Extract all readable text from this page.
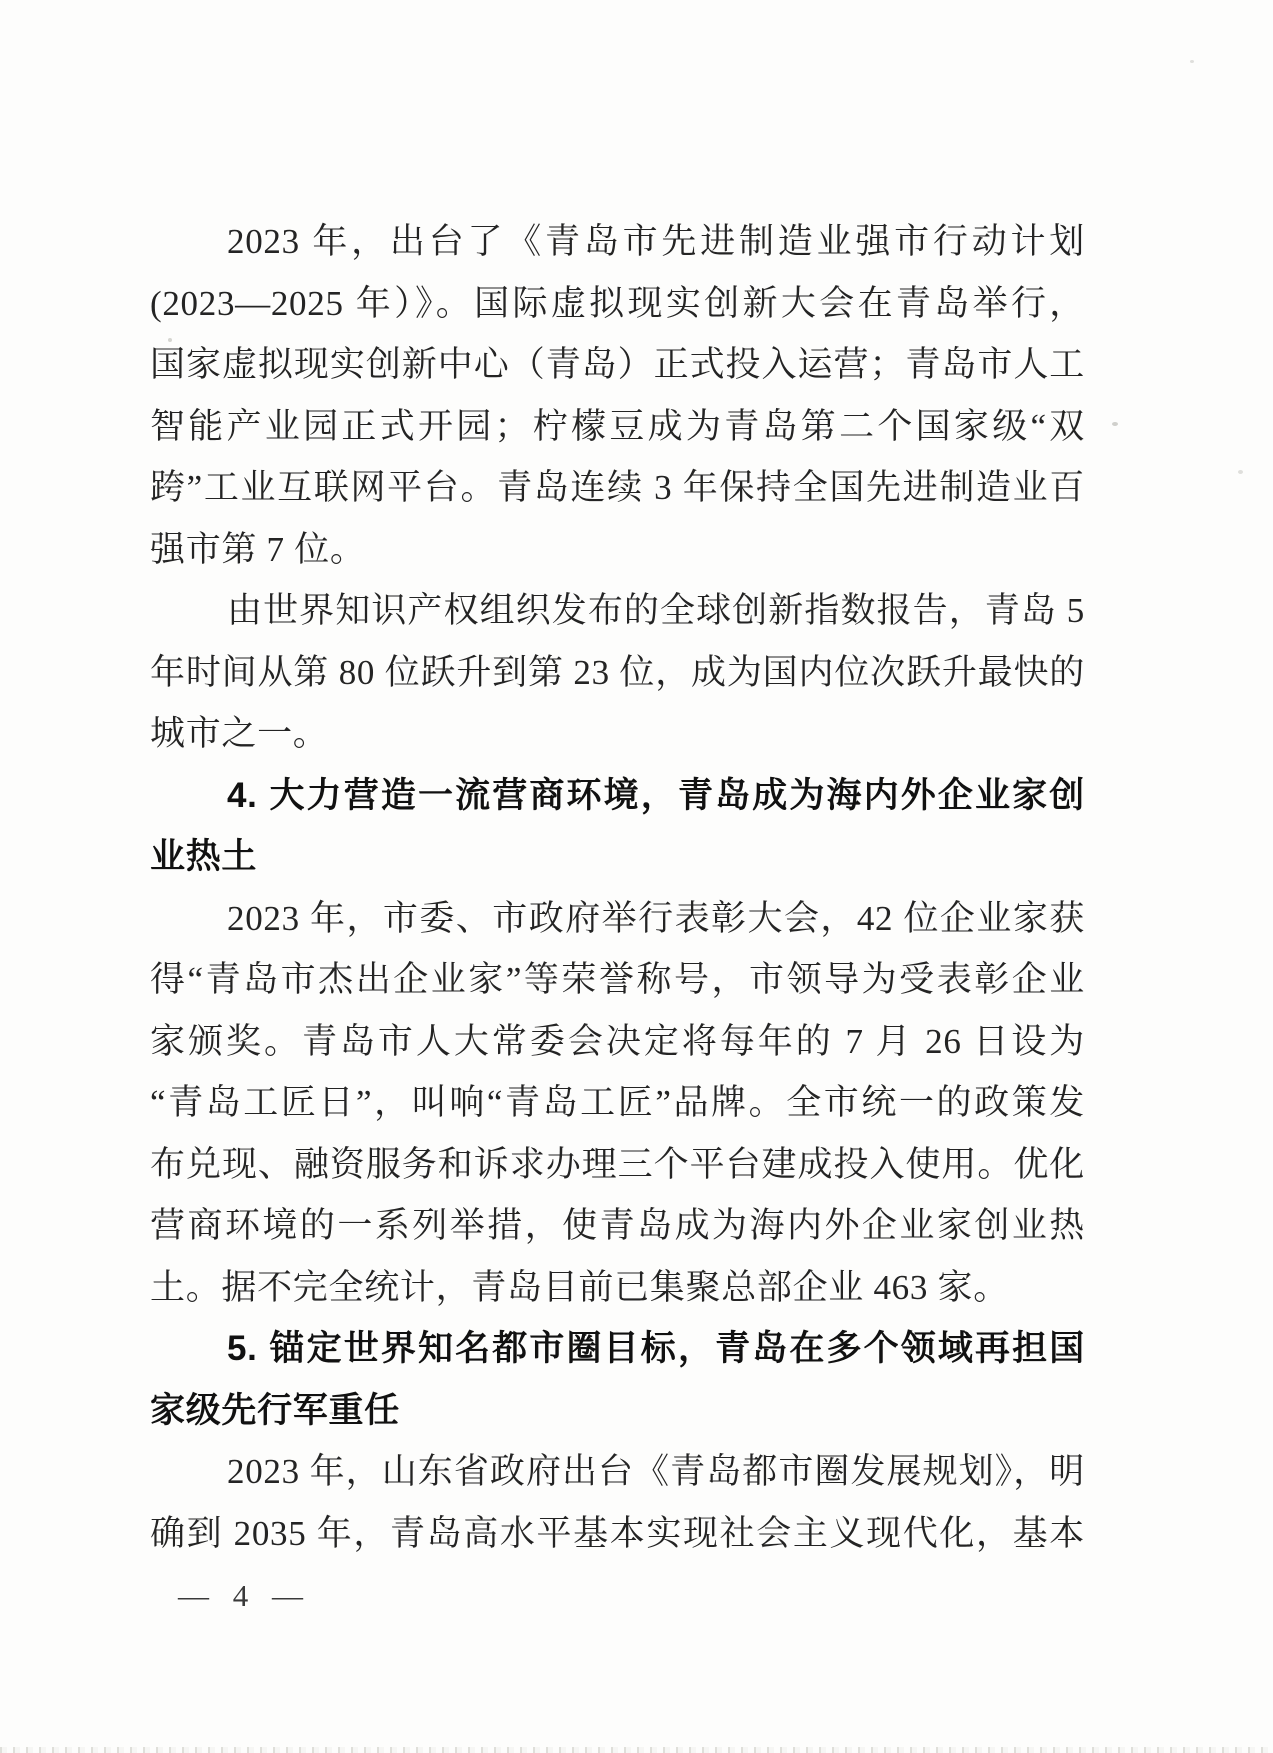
2023 年，出台了《青岛市先进制造业强市行动计划
(2023—2025 年）》。国际虚拟现实创新大会在青岛举行，
国家虚拟现实创新中心（青岛）正式投入运营；青岛市人工
智能产业园正式开园；柠檬豆成为青岛第二个国家级“双
跨”工业互联网平台。青岛连续 3 年保持全国先进制造业百
强市第 7 位。
由世界知识产权组织发布的全球创新指数报告，青岛 5
年时间从第 80 位跃升到第 23 位，成为国内位次跃升最快的
城市之一。
4. 大力营造一流营商环境，青岛成为海内外企业家创
业热土
2023 年，市委、市政府举行表彰大会，42 位企业家获
得“青岛市杰出企业家”等荣誉称号，市领导为受表彰企业
家颁奖。青岛市人大常委会决定将每年的 7 月 26 日设为
“青岛工匠日”，叫响“青岛工匠”品牌。全市统一的政策发
布兑现、融资服务和诉求办理三个平台建成投入使用。优化
营商环境的一系列举措，使青岛成为海内外企业家创业热
土。据不完全统计，青岛目前已集聚总部企业 463 家。
5. 锚定世界知名都市圈目标，青岛在多个领域再担国
家级先行军重任
2023 年，山东省政府出台《青岛都市圈发展规划》，明
确到 2035 年，青岛高水平基本实现社会主义现代化，基本
— 4 —
